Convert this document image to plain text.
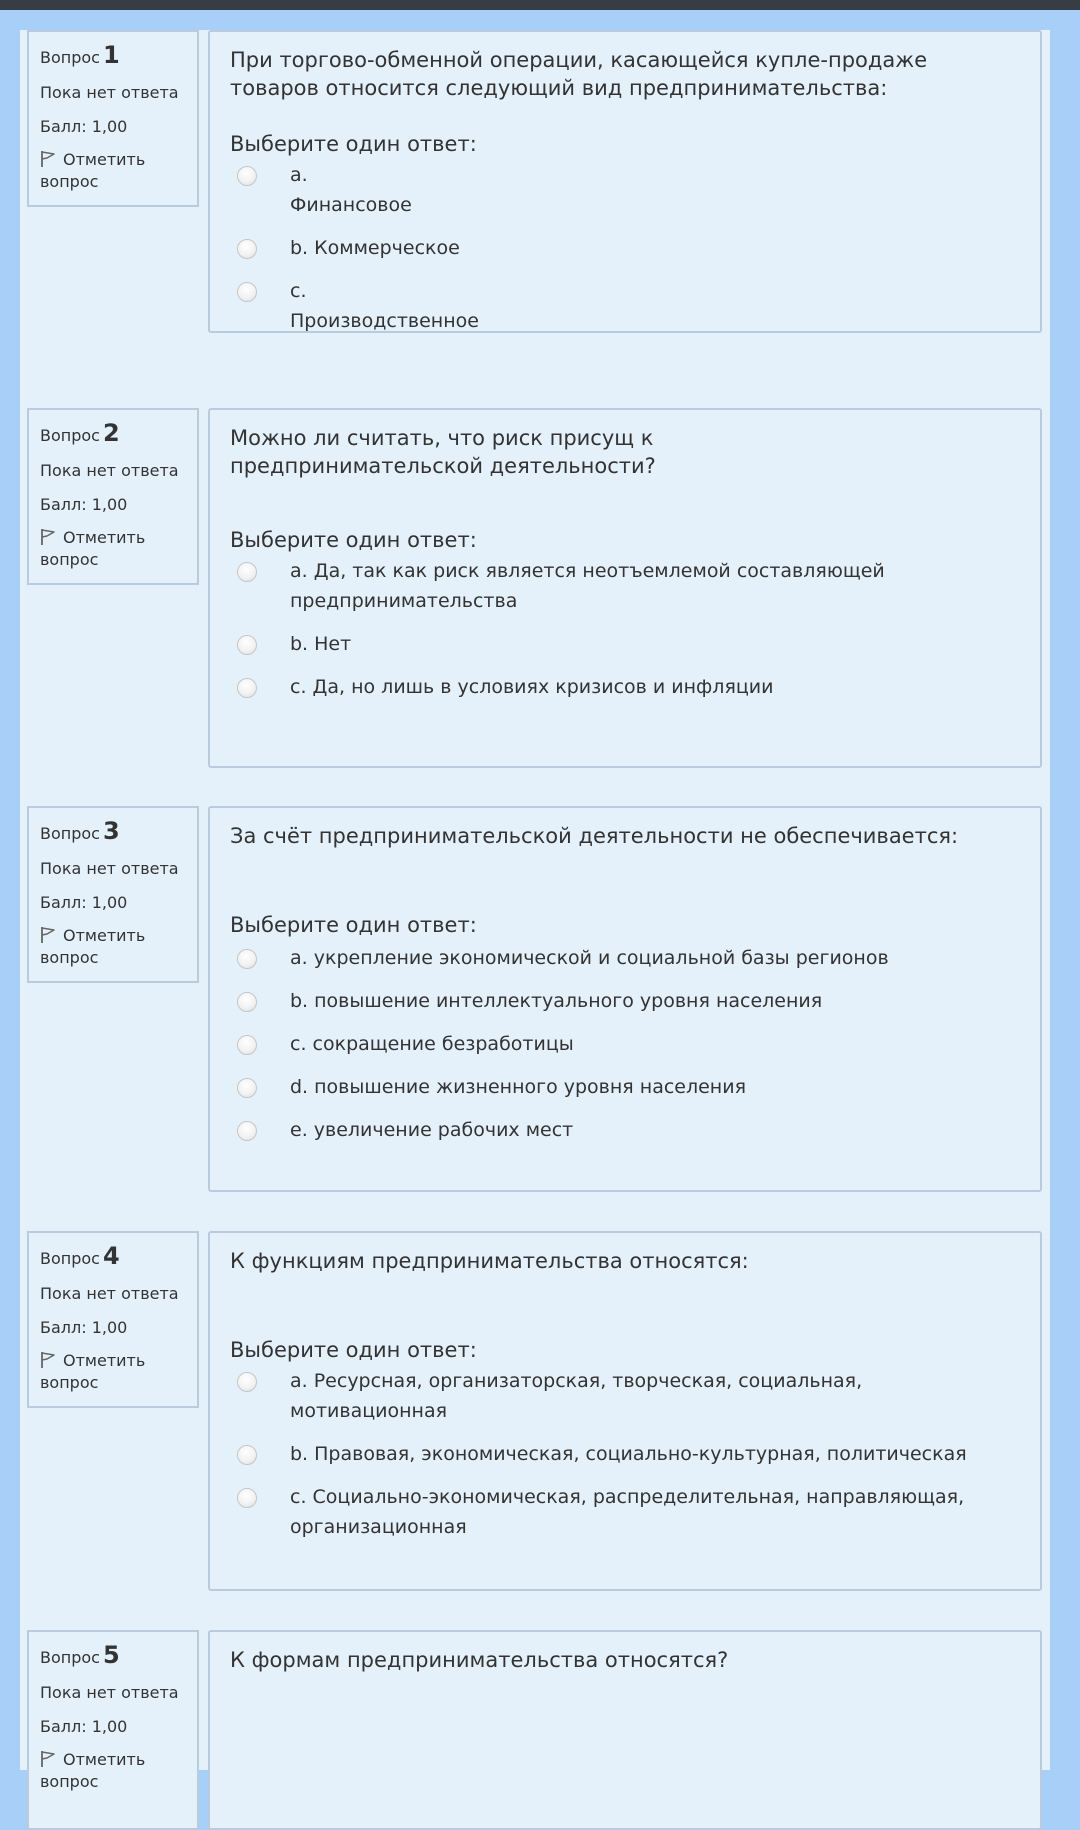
Вопрос 1
Пока нет ответа
Балл: 1,00
Отметить вопрос
При торгово-обменной операции, касающейся купле-продаже товаров относится следующий вид предпринимательства:
Выберите один ответ:
a.
Финансовое
b. Коммерческое
c.
Производственное
Вопрос 2
Пока нет ответа
Балл: 1,00
Отметить вопрос
Можно ли считать, что риск присущ к предпринимательской деятельности?
Выберите один ответ:
a. Да, так как риск является неотъемлемой составляющей предпринимательства
b. Нет
c. Да, но лишь в условиях кризисов и инфляции
Вопрос 3
Пока нет ответа
Балл: 1,00
Отметить вопрос
За счёт предпринимательской деятельности не обеспечивается:
Выберите один ответ:
a. укрепление экономической и социальной базы регионов
b. повышение интеллектуального уровня населения
c. сокращение безработицы
d. повышение жизненного уровня населения
e. увеличение рабочих мест
Вопрос 4
Пока нет ответа
Балл: 1,00
Отметить вопрос
К функциям предпринимательства относятся:
Выберите один ответ:
a. Ресурсная, организаторская, творческая, социальная, мотивационная
b. Правовая, экономическая, социально-культурная, политическая
c. Социально-экономическая, распределительная, направляющая, организационная
Вопрос 5
Пока нет ответа
Балл: 1,00
Отметить вопрос
К формам предпринимательства относятся?
